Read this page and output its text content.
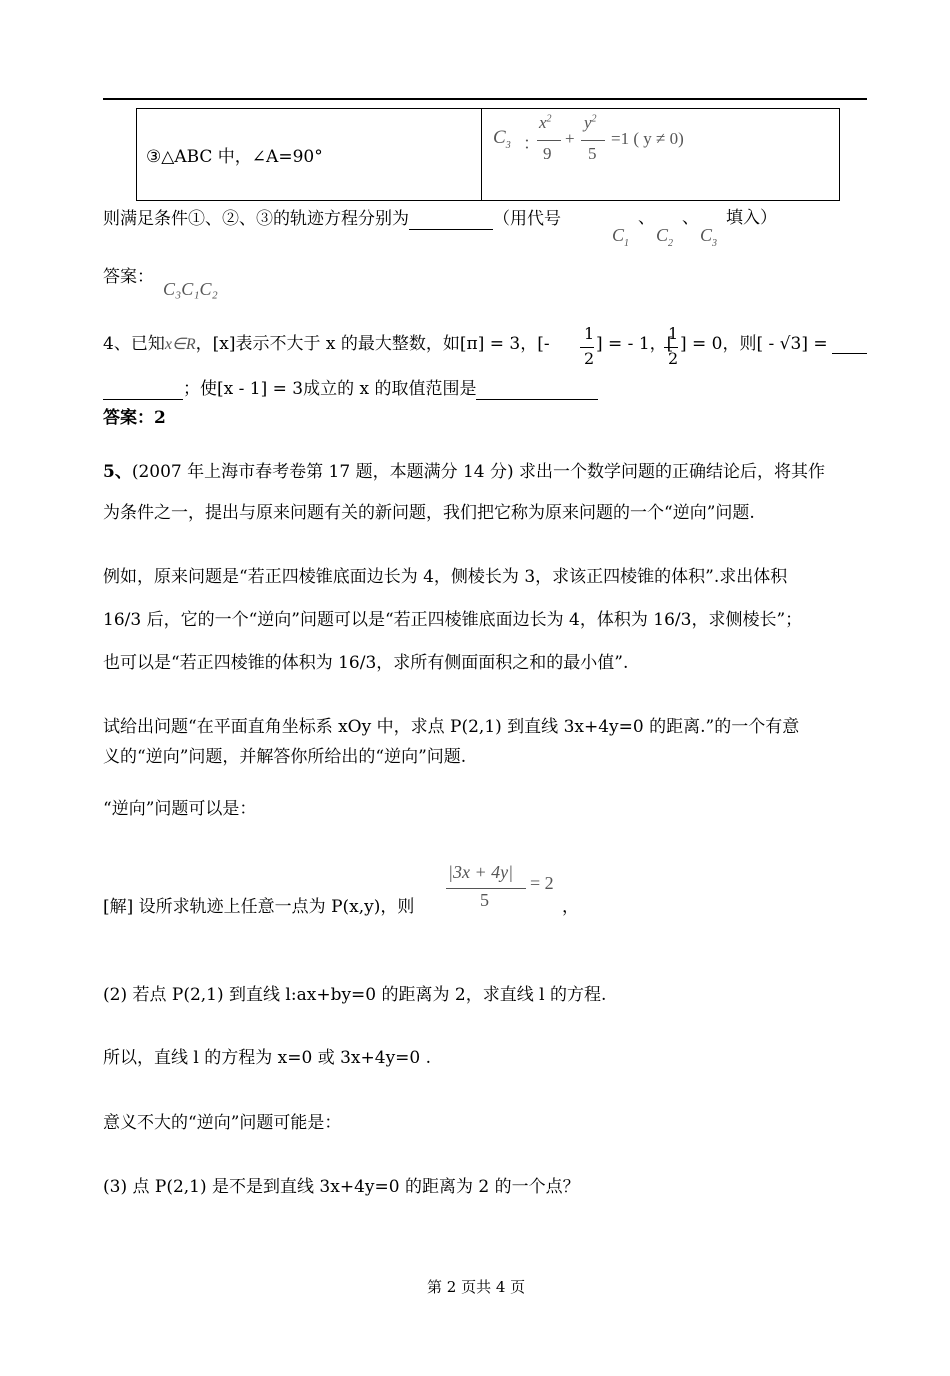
③△ABC 中，∠A=90°
$C_3$ ：
$x^2$
9
+
$y^2$
5
=1 ( y ≠ 0)
则满足条件①、②、③的轨迹方程分别为	（用代号
$C_1$
、
$C_2$
、
$C_3$
填入）
答案：
C₃C₁C₂
4、已知x∈R，[x]表示不大于 x 的最大整数，如[π] = 3，[-
1
2
] = - 1，[
1
2
] = 0，则[ - √3] =
；使[x - 1] = 3成立的 x 的取值范围是
答案：2
5、(2007 年上海市春考卷第 17 题，本题满分 14 分) 求出一个数学问题的正确结论后，将其作
为条件之一，提出与原来问题有关的新问题，我们把它称为原来问题的一个“逆向”问题.
例如，原来问题是“若正四棱锥底面边长为 4，侧棱长为 3，求该正四棱锥的体积”.求出体积
16/3 后，它的一个“逆向”问题可以是“若正四棱锥底面边长为 4，体积为 16/3，求侧棱长”；
也可以是“若正四棱锥的体积为 16/3，求所有侧面面积之和的最小值”.
试给出问题“在平面直角坐标系 xOy 中，求点 P(2,1) 到直线 3x+4y=0 的距离.”的一个有意
义的“逆向”问题，并解答你所给出的“逆向”问题.
“逆向”问题可以是：
[解] 设所求轨迹上任意一点为 P(x,y)，则
|3x + 4y|
5
= 2
，
(2) 若点 P(2,1) 到直线 l:ax+by=0 的距离为 2，求直线 l 的方程.
所以，直线 l 的方程为 x=0 或 3x+4y=0 .
意义不大的“逆向”问题可能是：
(3) 点 P(2,1) 是不是到直线 3x+4y=0 的距离为 2 的一个点？
第 2 页共 4 页
